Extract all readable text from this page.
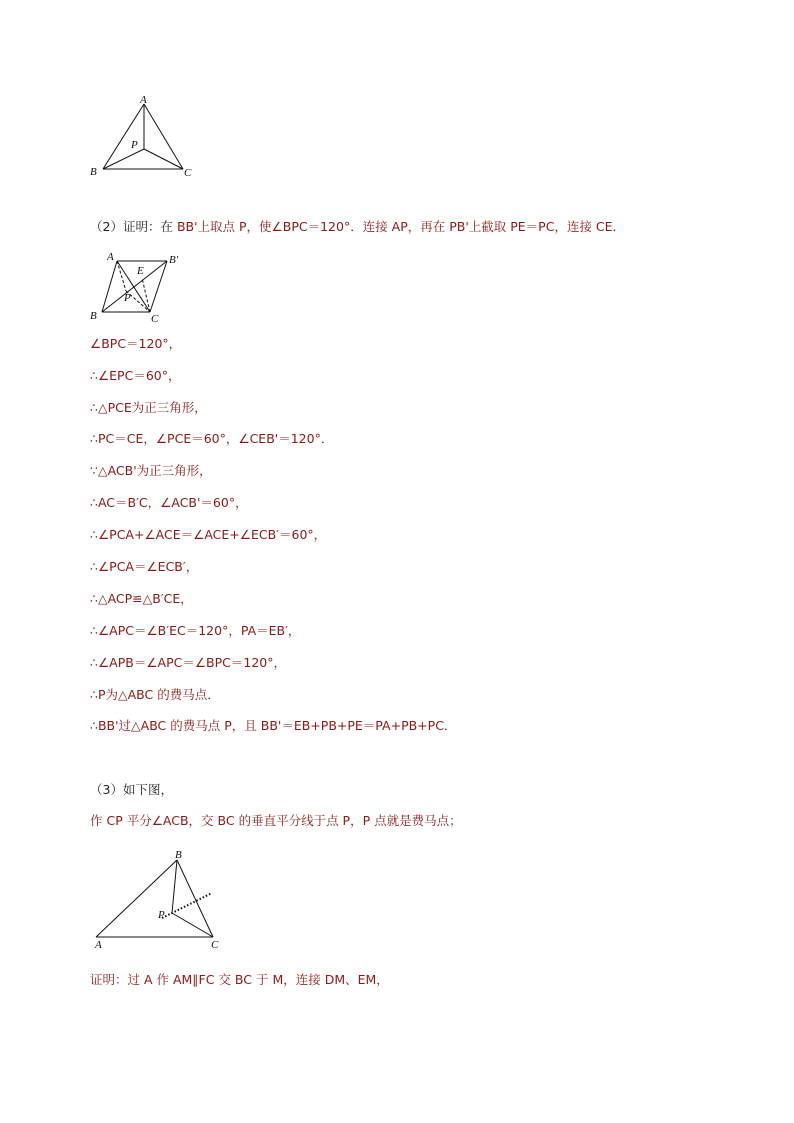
A
B	C
P
（2）证明：在 BB'上取点 P，使∠BPC＝120°．连接 AP，再在 PB'上截取 PE＝PC，连接 CE．
A	B'
E
P
B	C
∠BPC＝120°，
∴∠EPC＝60°，
∴△PCE为正三角形，
∴PC＝CE，∠PCE＝60°，∠CEB'＝120°．
∵△ACB'为正三角形，
∴AC＝B′C，∠ACB'＝60°，
∴∠PCA+∠ACE＝∠ACE+∠ECB′＝60°，
∴∠PCA＝∠ECB′，
∴△ACP≌△B′CE，
∴∠APC＝∠B′EC＝120°，PA＝EB′，
∴∠APB＝∠APC＝∠BPC＝120°，
∴P为△ABC 的费马点．
∴BB'过△ABC 的费马点 P，且 BB'＝EB+PB+PE＝PA+PB+PC．
（3）如下图，
作 CP 平分∠ACB，交 BC 的垂直平分线于点 P，P 点就是费马点；
B
P
A	C
证明：过 A 作 AM∥FC 交 BC 于 M，连接 DM、EM，
